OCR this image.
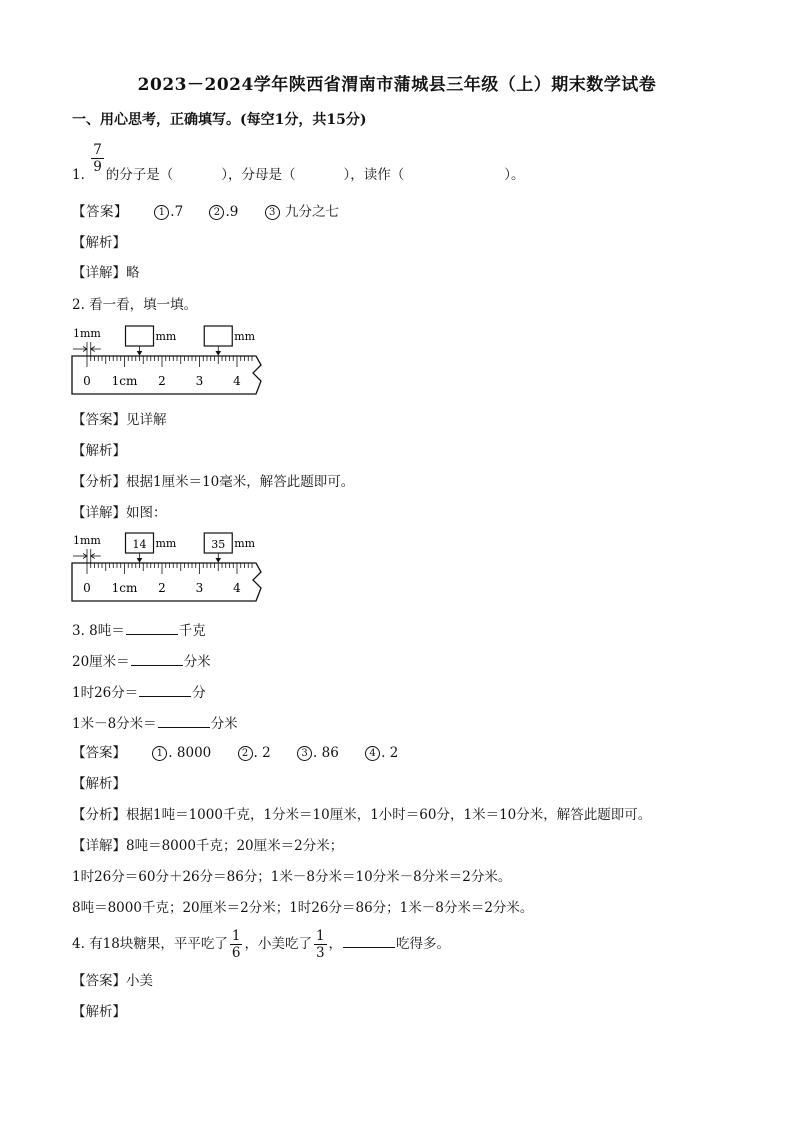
2023－2024学年陕西省渭南市蒲城县三年级（上）期末数学试卷
一、用心思考，正确填写。(每空1分，共15分)
1. $\frac{7}{9}$ 的分子是（	），分母是（	），读作（	）。
【答案】	1 .7	2 .9	3 九分之七
【解析】
【详解】略
2. 看一看，填一填。
0 1cm 2 3 4
1mm	mm	mm
【答案】见详解
【解析】
【分析】根据1厘米＝10毫米，解答此题即可。
【详解】如图：
0 1cm 2 3 4
1mm	mm
14	mm
35
3. 8吨＝	千克
20厘米＝	分米
1时26分＝	分
1米－8分米＝	分米
【答案】	1 . 8000	2 . 2	3 . 86	4 . 2
【解析】
【分析】根据1吨＝1000千克，1分米＝10厘米，1小时＝60分，1米＝10分米，解答此题即可。
【详解】8吨＝8000千克；20厘米＝2分米；
1时26分＝60分＋26分＝86分；1米－8分米＝10分米－8分米＝2分米。
8吨＝8000千克；20厘米＝2分米；1时26分＝86分；1米－8分米＝2分米。
4. 有18块糖果，平平吃了 $\frac{1}{6}$ ，小美吃了 $\frac{1}{3}$ ，	吃得多。
【答案】小美
【解析】
